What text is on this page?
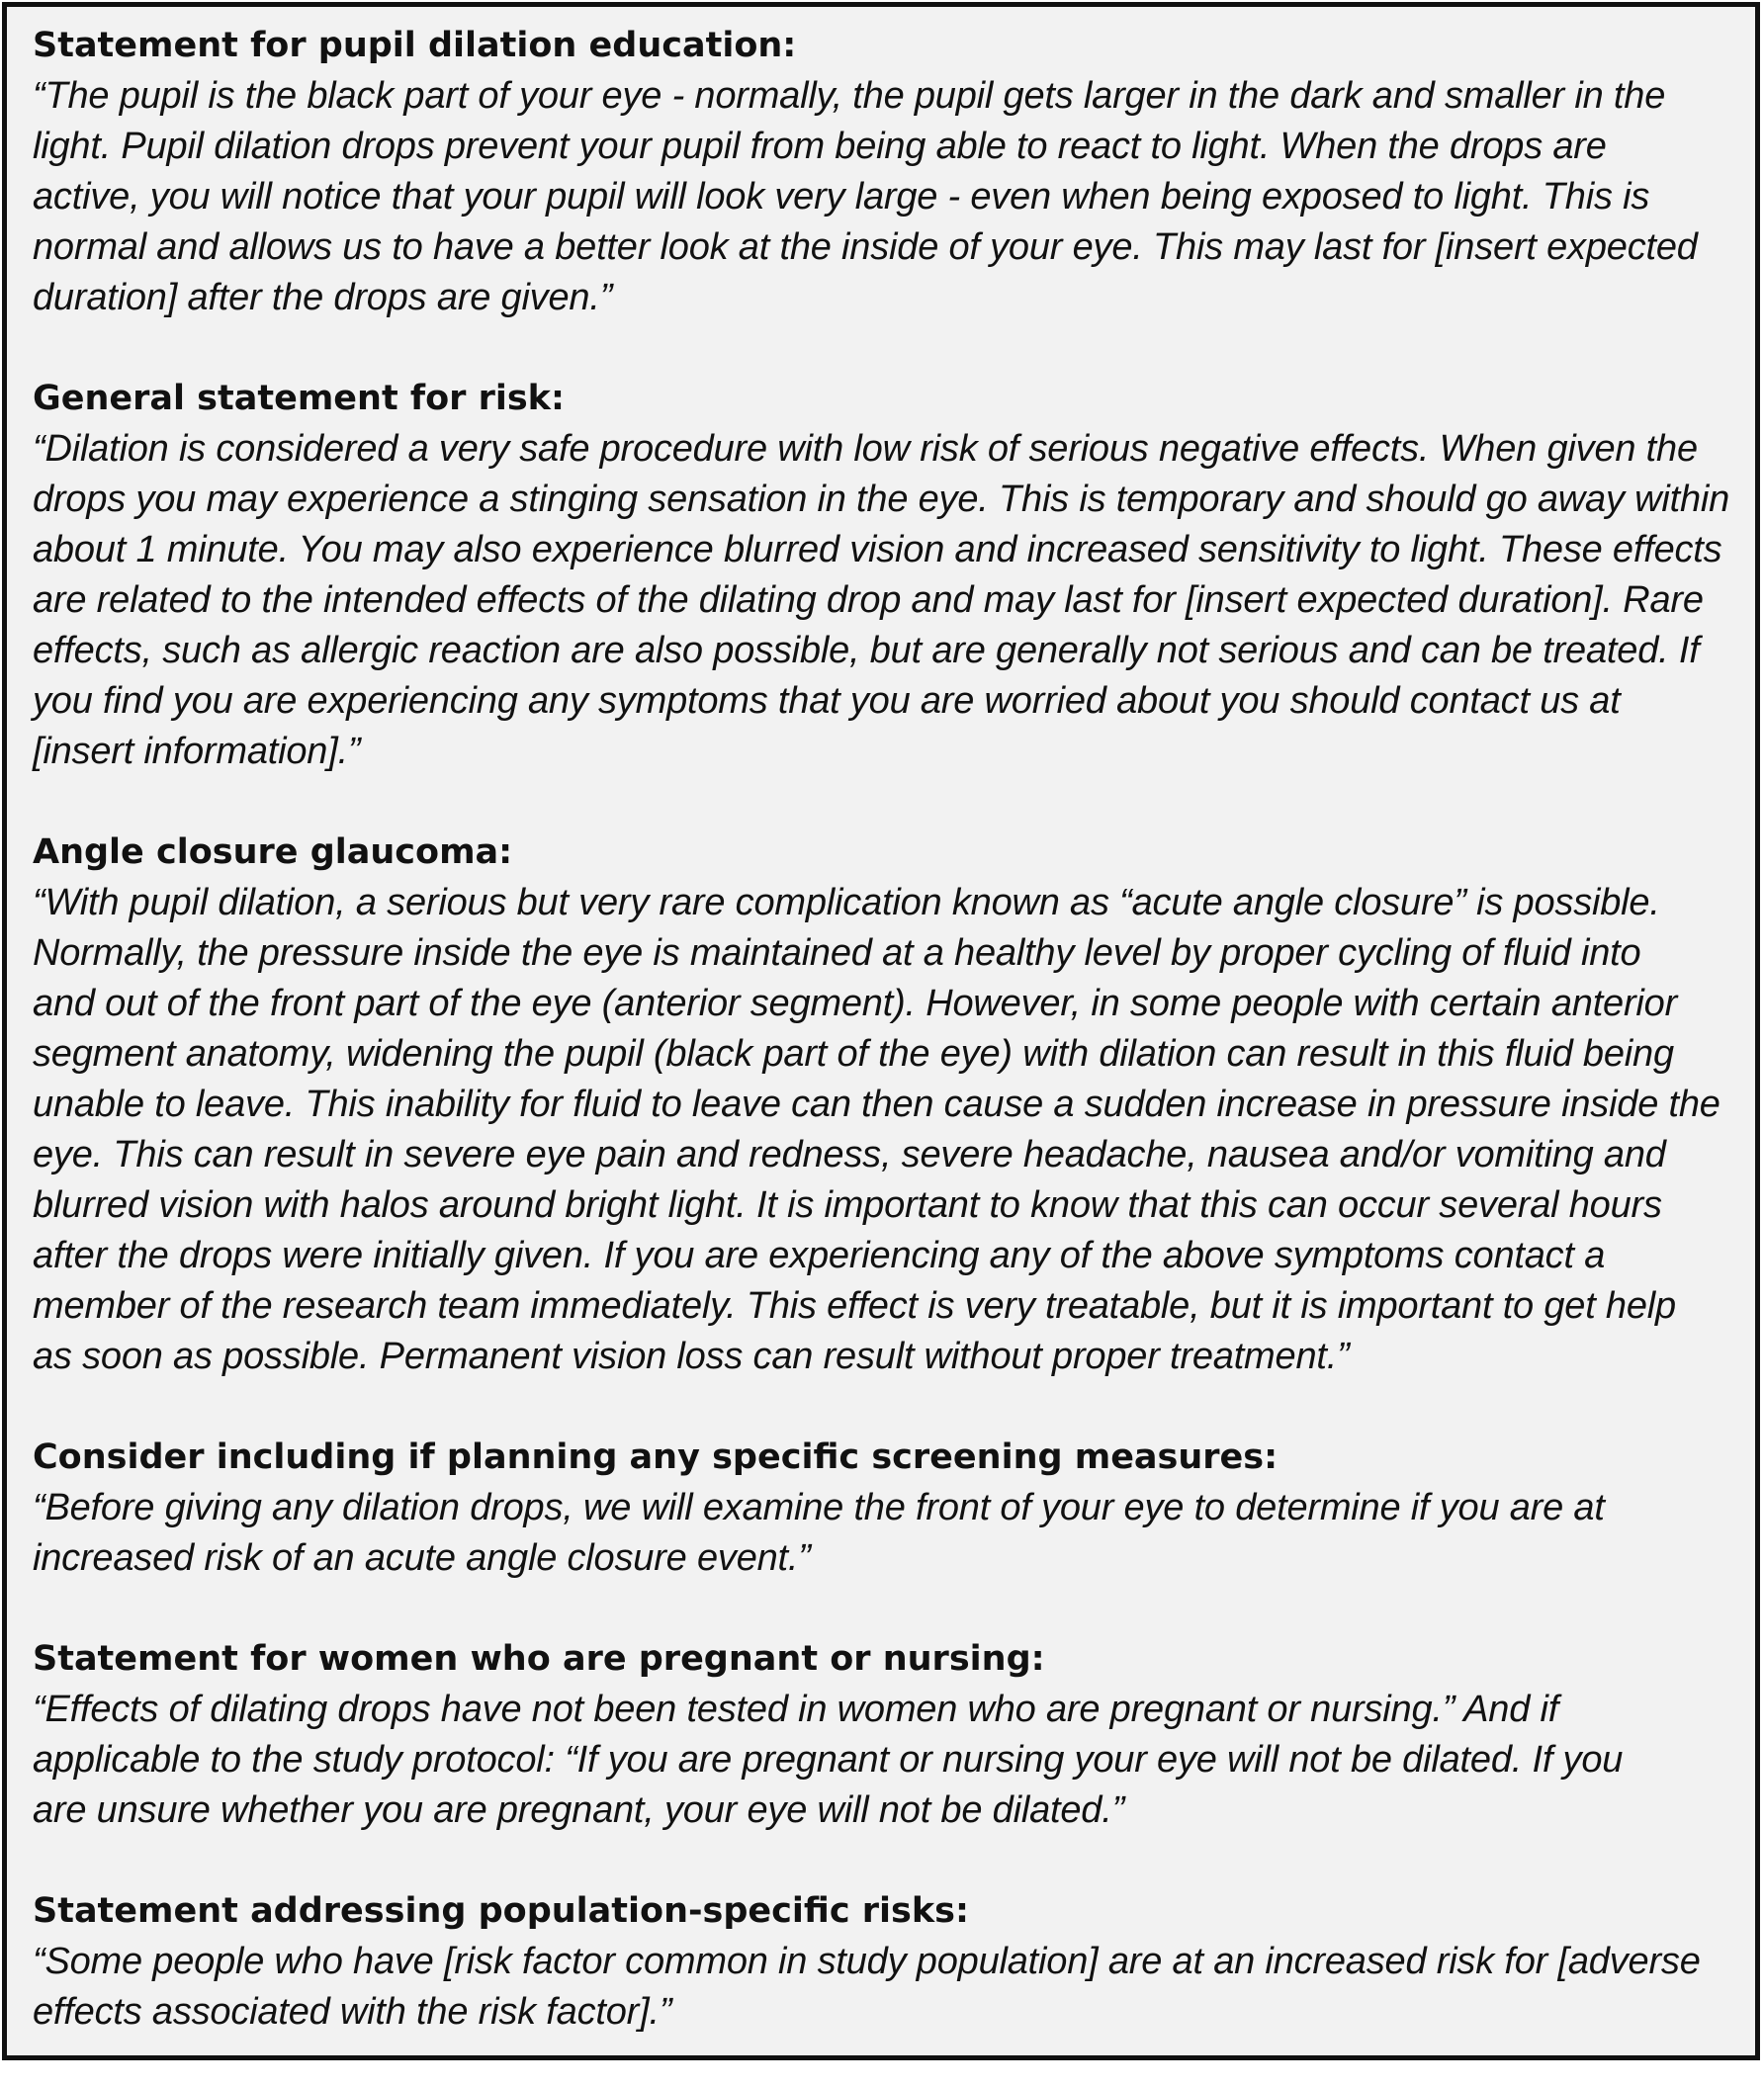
Statement for pupil dilation education:

“The pupil is the black part of your eye - normally, the pupil gets larger in the dark and smaller in the

light. Pupil dilation drops prevent your pupil from being able to react to light. When the drops are

active, you will notice that your pupil will look very large - even when being exposed to light. This is

normal and allows us to have a better look at the inside of your eye. This may last for [insert expected

duration] after the drops are given.”

General statement for risk:

“Dilation is considered a very safe procedure with low risk of serious negative effects. When given the

drops you may experience a stinging sensation in the eye. This is temporary and should go away within

about 1 minute. You may also experience blurred vision and increased sensitivity to light. These effects

are related to the intended effects of the dilating drop and may last for [insert expected duration]. Rare

effects, such as allergic reaction are also possible, but are generally not serious and can be treated. If

you find you are experiencing any symptoms that you are worried about you should contact us at

[insert information].”

Angle closure glaucoma:

“With pupil dilation, a serious but very rare complication known as “acute angle closure” is possible.

Normally, the pressure inside the eye is maintained at a healthy level by proper cycling of fluid into

and out of the front part of the eye (anterior segment). However, in some people with certain anterior

segment anatomy, widening the pupil (black part of the eye) with dilation can result in this fluid being

unable to leave. This inability for fluid to leave can then cause a sudden increase in pressure inside the

eye. This can result in severe eye pain and redness, severe headache, nausea and/or vomiting and

blurred vision with halos around bright light. It is important to know that this can occur several hours

after the drops were initially given. If you are experiencing any of the above symptoms contact a

member of the research team immediately. This effect is very treatable, but it is important to get help

as soon as possible. Permanent vision loss can result without proper treatment.”

Consider including if planning any specific screening measures:

“Before giving any dilation drops, we will examine the front of your eye to determine if you are at

increased risk of an acute angle closure event.”

Statement for women who are pregnant or nursing:

“Effects of dilating drops have not been tested in women who are pregnant or nursing.” And if

applicable to the study protocol: “If you are pregnant or nursing your eye will not be dilated. If you

are unsure whether you are pregnant, your eye will not be dilated.”

Statement addressing population-specific risks:

“Some people who have [risk factor common in study population] are at an increased risk for [adverse

effects associated with the risk factor].”
